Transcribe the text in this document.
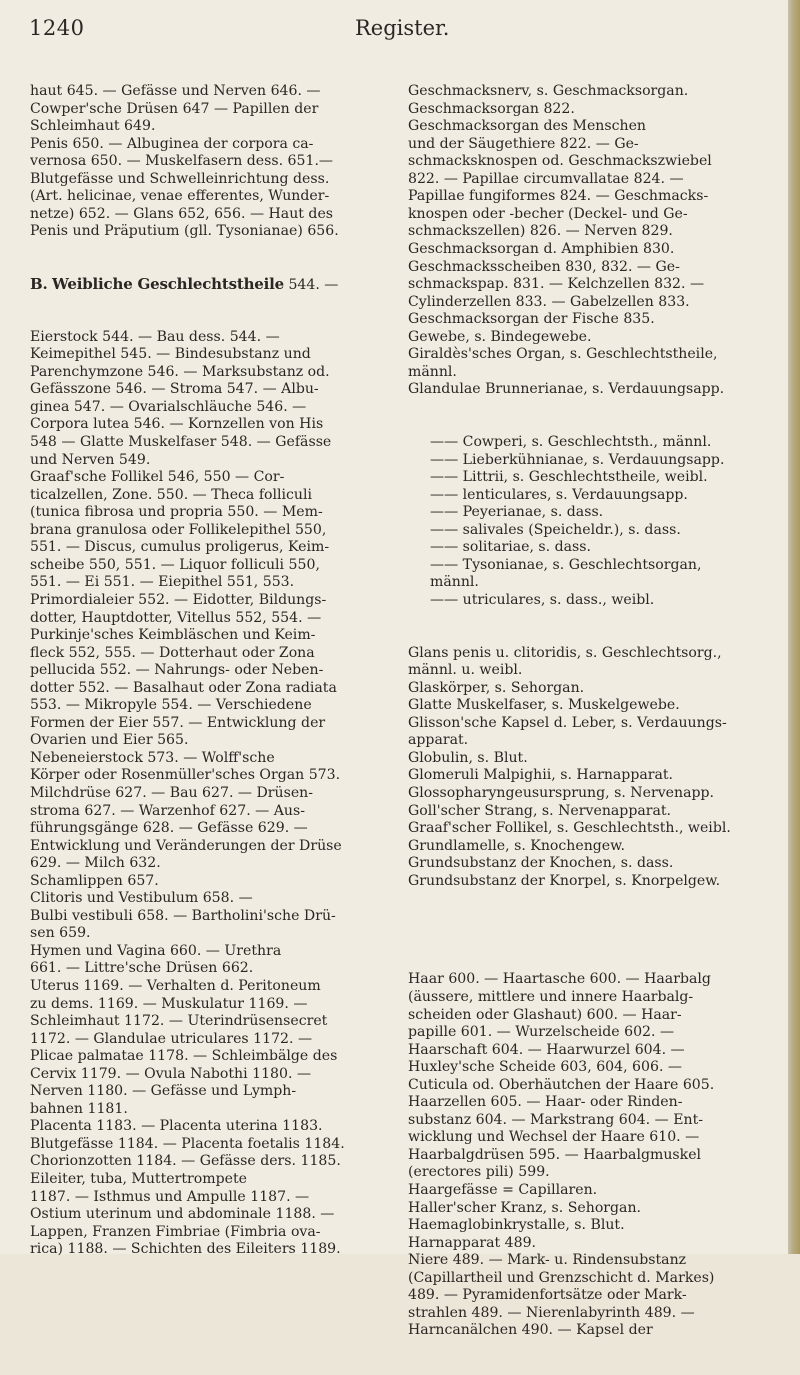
1240	Register.

haut 645. — Gefässe und Nerven 646. —
Cowper'sche Drüsen 647 — Papillen der
Schleimhaut 649.
Penis 650. — Albuginea der corpora ca-
vernosa 650. — Muskelfasern dess. 651.—
Blutgefässe und Schwelleinrichtung dess.
(Art. helicinae, venae efferentes, Wunder-
netze) 652. — Glans 652, 656. — Haut des
Penis und Präputium (gll. Tysonianae) 656.

B. Weibliche Geschlechtstheile 544. —

Eierstock 544. — Bau dess. 544. —
Keimepithel 545. — Bindesubstanz und
Parenchymzone 546. — Marksubstanz od.
Gefässzone 546. — Stroma 547. — Albu-
ginea 547. — Ovarialschläuche 546. —
Corpora lutea 546. — Kornzellen von His
548 — Glatte Muskelfaser 548. — Gefässe
und Nerven 549.
Graaf'sche Follikel 546, 550 — Cor-
ticalzellen, Zone. 550. — Theca folliculi
(tunica fibrosa und propria 550. — Mem-
brana granulosa oder Follikelepithel 550,
551. — Discus, cumulus proligerus, Keim-
scheibe 550, 551. — Liquor folliculi 550,
551. — Ei 551. — Eiepithel 551, 553.
Primordialeier 552. — Eidotter, Bildungs-
dotter, Hauptdotter, Vitellus 552, 554. —
Purkinje'sches Keimbläschen und Keim-
fleck 552, 555. — Dotterhaut oder Zona
pellucida 552. — Nahrungs- oder Neben-
dotter 552. — Basalhaut oder Zona radiata
553. — Mikropyle 554. — Verschiedene
Formen der Eier 557. — Entwicklung der
Ovarien und Eier 565.
Nebeneierstock 573. — Wolff'sche
Körper oder Rosenmüller'sches Organ 573.
Milchdrüse 627. — Bau 627. — Drüsen-
stroma 627. — Warzenhof 627. — Aus-
führungsgänge 628. — Gefässe 629. —
Entwicklung und Veränderungen der Drüse
629. — Milch 632.
Schamlippen 657.
Clitoris und Vestibulum 658. —
Bulbi vestibuli 658. — Bartholini'sche Drü-
sen 659.
Hymen und Vagina 660. — Urethra
661. — Littre'sche Drüsen 662.
Uterus 1169. — Verhalten d. Peritoneum
zu dems. 1169. — Muskulatur 1169. —
Schleimhaut 1172. — Uterindrüsensecret
1172. — Glandulae utriculares 1172. —
Plicae palmatae 1178. — Schleimbälge des
Cervix 1179. — Ovula Nabothi 1180. —
Nerven 1180. — Gefässe und Lymph-
bahnen 1181.
Placenta 1183. — Placenta uterina 1183.
Blutgefässe 1184. — Placenta foetalis 1184.
Chorionzotten 1184. — Gefässe ders. 1185.
Eileiter, tuba, Muttertrompete
1187. — Isthmus und Ampulle 1187. —
Ostium uterinum und abdominale 1188. —
Lappen, Franzen Fimbriae (Fimbria ova-
rica) 1188. — Schichten des Eileiters 1189.

Geschmacksnerv, s. Geschmacksorgan.
Geschmacksorgan 822.
Geschmacksorgan des Menschen
und der Säugethiere 822. — Ge-
schmacksknospen od. Geschmackszwiebel
822. — Papillae circumvallatae 824. —
Papillae fungiformes 824. — Geschmacks-
knospen oder -becher (Deckel- und Ge-
schmackszellen) 826. — Nerven 829.
Geschmacksorgan d. Amphibien 830.
Geschmacksscheiben 830, 832. — Ge-
schmackspap. 831. — Kelchzellen 832. —
Cylinderzellen 833. — Gabelzellen 833.
Geschmacksorgan der Fische 835.
Gewebe, s. Bindegewebe.
Giraldès'sches Organ, s. Geschlechtstheile,
männl.
Glandulae Brunnerianae, s. Verdauungsapp.

—— Cowperi, s. Geschlechtsth., männl.
—— Lieberkühnianae, s. Verdauungsapp.
—— Littrii, s. Geschlechtstheile, weibl.
—— lenticulares, s. Verdauungsapp.
—— Peyerianae, s. dass.
—— salivales (Speicheldr.), s. dass.
—— solitariae, s. dass.
—— Tysonianae, s. Geschlechtsorgan,
männl.
—— utriculares, s. dass., weibl.

Glans penis u. clitoridis, s. Geschlechtsorg.,
männl. u. weibl.
Glaskörper, s. Sehorgan.
Glatte Muskelfaser, s. Muskelgewebe.
Glisson'sche Kapsel d. Leber, s. Verdauungs-
apparat.
Globulin, s. Blut.
Glomeruli Malpighii, s. Harnapparat.
Glossopharyngeusursprung, s. Nervenapp.
Goll'scher Strang, s. Nervenapparat.
Graaf'scher Follikel, s. Geschlechtsth., weibl.
Grundlamelle, s. Knochengew.
Grundsubstanz der Knochen, s. dass.
Grundsubstanz der Knorpel, s. Knorpelgew.

Haar 600. — Haartasche 600. — Haarbalg
(äussere, mittlere und innere Haarbalg-
scheiden oder Glashaut) 600. — Haar-
papille 601. — Wurzelscheide 602. —
Haarschaft 604. — Haarwurzel 604. —
Huxley'sche Scheide 603, 604, 606. —
Cuticula od. Oberhäutchen der Haare 605.
Haarzellen 605. — Haar- oder Rinden-
substanz 604. — Markstrang 604. — Ent-
wicklung und Wechsel der Haare 610. —
Haarbalgdrüsen 595. — Haarbalgmuskel
(erectores pili) 599.
Haargefässe = Capillaren.
Haller'scher Kranz, s. Sehorgan.
Haemaglobinkrystalle, s. Blut.
Harnapparat 489.
Niere 489. — Mark- u. Rindensubstanz
(Capillartheil und Grenzschicht d. Markes)
489. — Pyramidenfortsätze oder Mark-
strahlen 489. — Nierenlabyrinth 489. —
Harncanälchen 490. — Kapsel der
